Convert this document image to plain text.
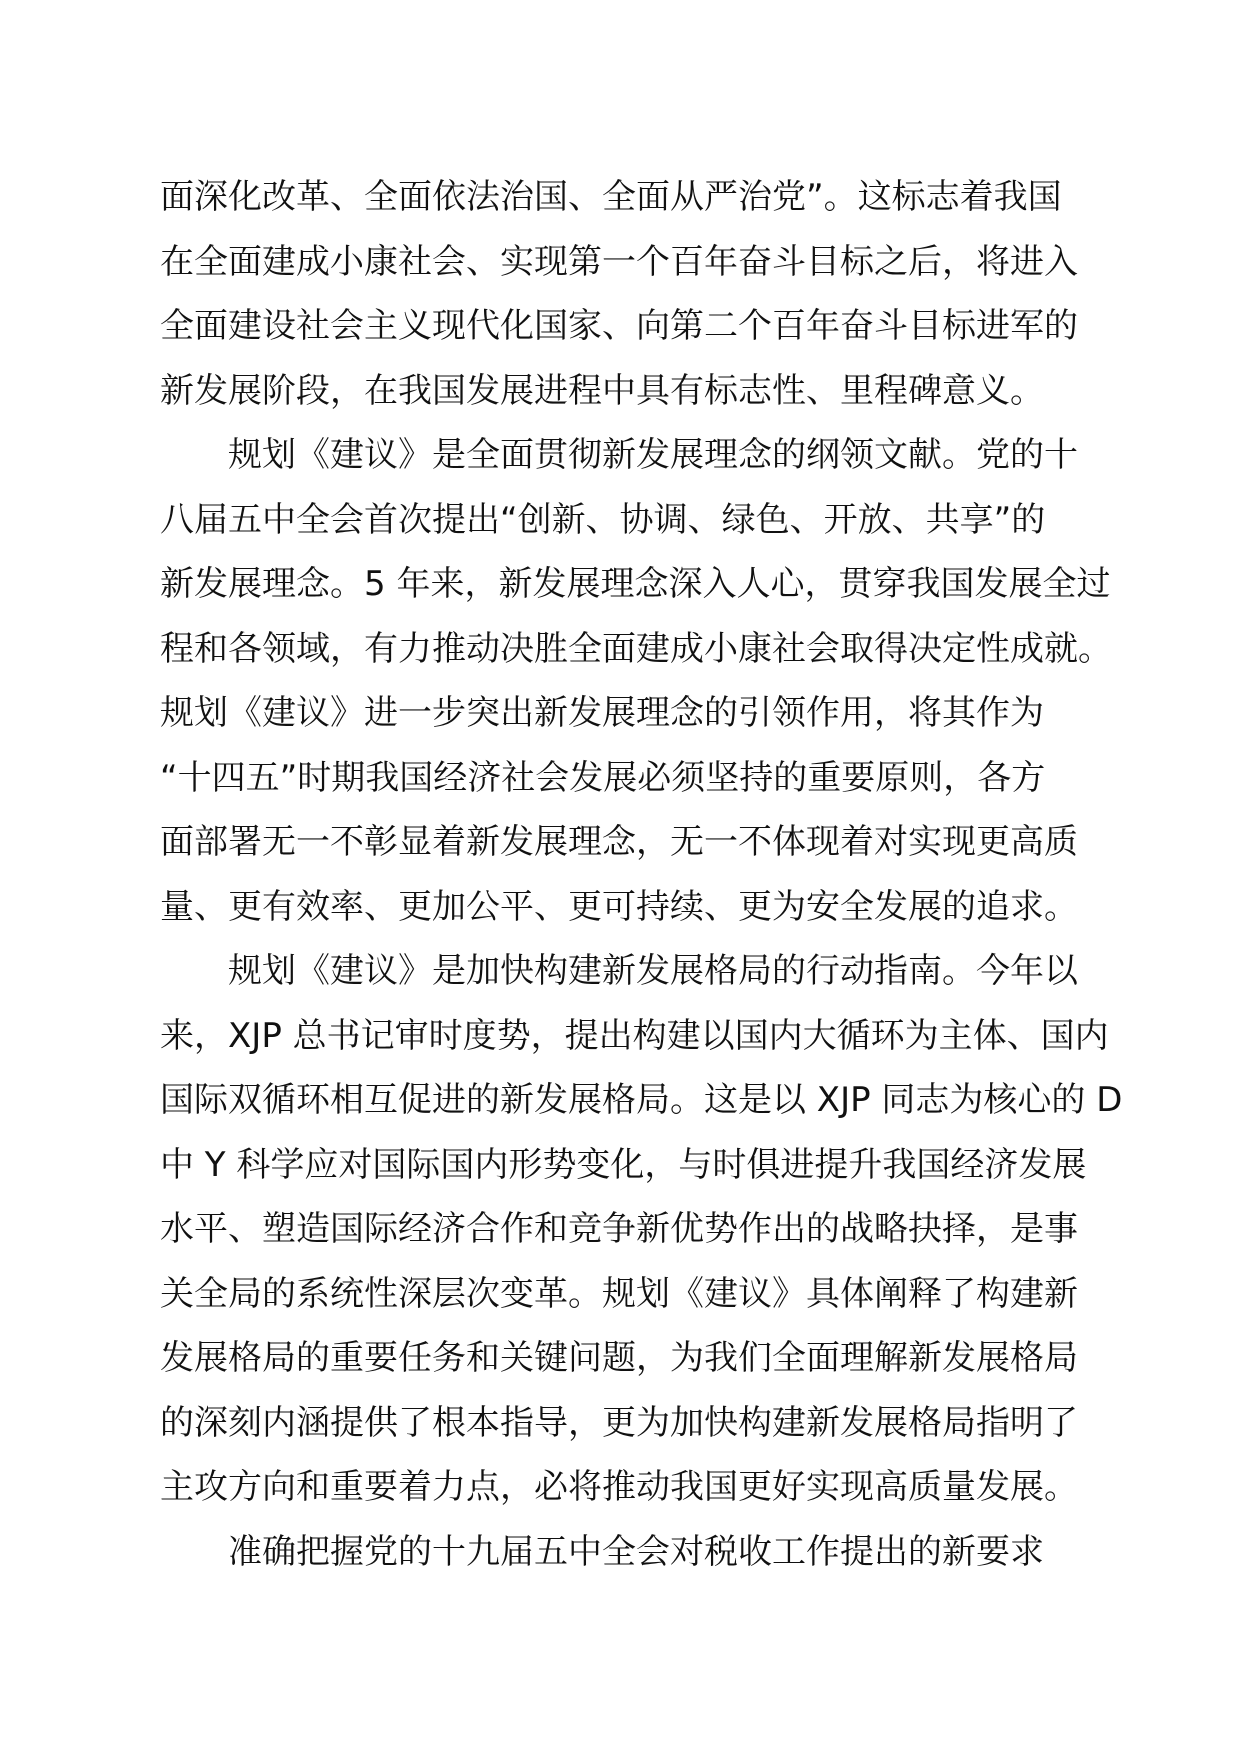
面深化改革、全面依法治国、全面从严治党”。这标志着我国
在全面建成小康社会、实现第一个百年奋斗目标之后，将进入
全面建设社会主义现代化国家、向第二个百年奋斗目标进军的
新发展阶段，在我国发展进程中具有标志性、里程碑意义。
规划《建议》是全面贯彻新发展理念的纲领文献。党的十
八届五中全会首次提出“创新、协调、绿色、开放、共享”的
新发展理念。5 年来，新发展理念深入人心，贯穿我国发展全过
程和各领域，有力推动决胜全面建成小康社会取得决定性成就。
规划《建议》进一步突出新发展理念的引领作用，将其作为
“十四五”时期我国经济社会发展必须坚持的重要原则，各方
面部署无一不彰显着新发展理念，无一不体现着对实现更高质
量、更有效率、更加公平、更可持续、更为安全发展的追求。
规划《建议》是加快构建新发展格局的行动指南。今年以
来，XJP 总书记审时度势，提出构建以国内大循环为主体、国内
国际双循环相互促进的新发展格局。这是以 XJP 同志为核心的 D
中 Y 科学应对国际国内形势变化，与时俱进提升我国经济发展
水平、塑造国际经济合作和竞争新优势作出的战略抉择，是事
关全局的系统性深层次变革。规划《建议》具体阐释了构建新
发展格局的重要任务和关键问题，为我们全面理解新发展格局
的深刻内涵提供了根本指导，更为加快构建新发展格局指明了
主攻方向和重要着力点，必将推动我国更好实现高质量发展。
准确把握党的十九届五中全会对税收工作提出的新要求
